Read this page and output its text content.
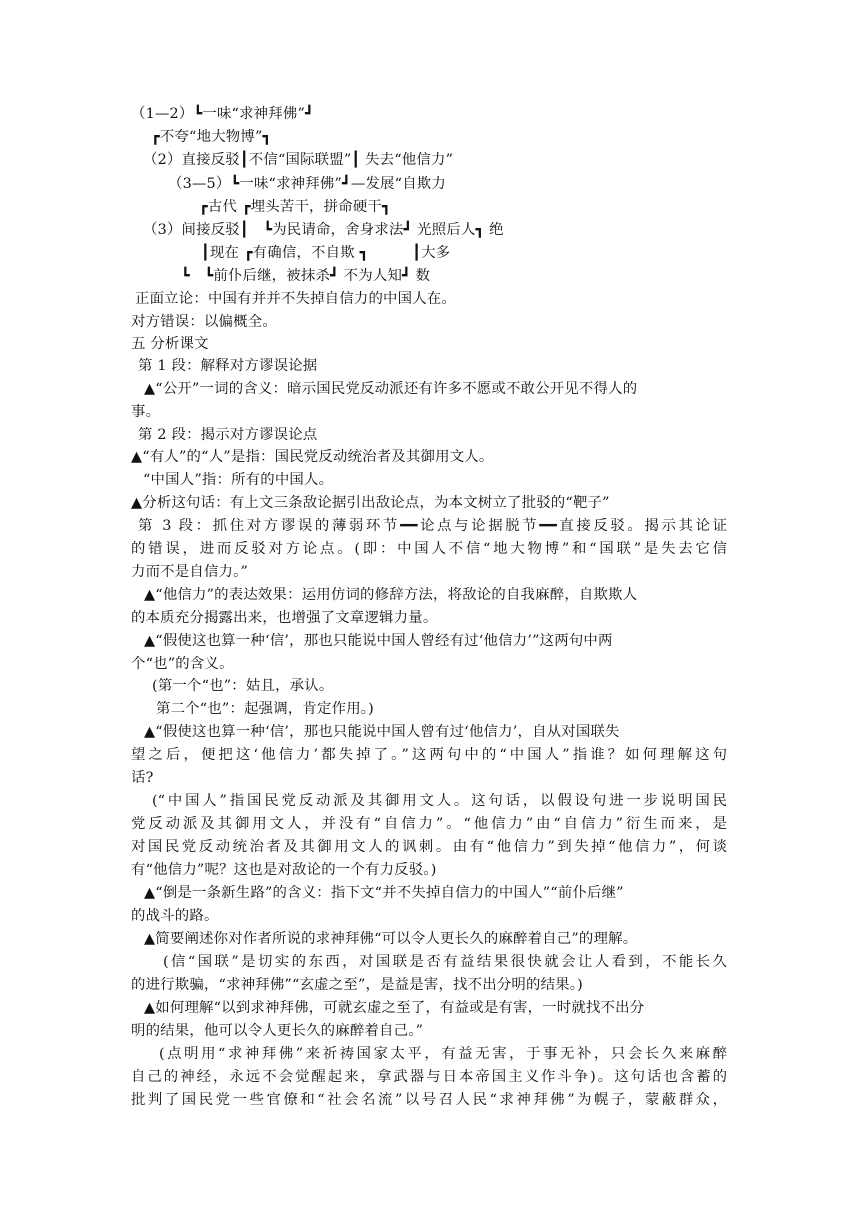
（1—2）┗一味“求神拜佛”┛
┏不夸“地大物博”┓
（2）直接反驳┃不信“国际联盟”┃ 失去“他信力”
（3—5）┗一味“求神拜佛”┛—发展“自欺力
┏古代 ┏埋头苦干，拼命硬干┓
（3）间接反驳┃　┗为民请命，舍身求法┛ 光照后人┓ 绝
┃现在 ┏有确信，不自欺 ┓　　　┃大多
┗　┗前仆后继，被抹杀┛ 不为人知┛ 数
正面立论：中国有并并不失掉自信力的中国人在。
对方错误：以偏概全。
五 分析课文
第 1 段：解释对方谬误论据
▲“公开”一词的含义：暗示国民党反动派还有许多不愿或不敢公开见不得人的
事。
第 2 段：揭示对方谬误论点
▲“有人”的“人”是指：国民党反动统治者及其御用文人。
“中国人”指：所有的中国人。
▲分析这句话：有上文三条敌论据引出敌论点，为本文树立了批驳的“靶子”
第 3 段：抓住对方谬误的薄弱环节━━论点与论据脱节━━直接反驳。揭示其论证
的错误，进而反驳对方论点。(即：中国人不信“地大物博”和“国联”是失去它信
力而不是自信力。”
▲“他信力”的表达效果：运用仿词的修辞方法，将敌论的自我麻醉，自欺欺人
的本质充分揭露出来，也增强了文章逻辑力量。
▲“假使这也算一种‘信’，那也只能说中国人曾经有过‘他信力’”这两句中两
个“也”的含义。
(第一个“也”：姑且，承认。
第二个“也”：起强调，肯定作用。)
▲“假使这也算一种‘信’，那也只能说中国人曾有过‘他信力’，自从对国联失
望之后，便把这‘他信力’都失掉了。”这两句中的“中国人”指谁？如何理解这句
话?
(“中国人”指国民党反动派及其御用文人。这句话，以假设句进一步说明国民
党反动派及其御用文人，并没有“自信力”。“他信力”由“自信力”衍生而来，是
对国民党反动统治者及其御用文人的讽刺。由有“他信力”到失掉“他信力”，何谈
有“他信力”呢？这也是对敌论的一个有力反驳。)
▲“倒是一条新生路”的含义：指下文“并不失掉自信力的中国人”“前仆后继”
的战斗的路。
▲简要阐述你对作者所说的求神拜佛“可以令人更长久的麻醉着自己”的理解。
(信“国联”是切实的东西，对国联是否有益结果很快就会让人看到，不能长久
的进行欺骗，“求神拜佛”“玄虚之至”，是益是害，找不出分明的结果。)
▲如何理解“以到求神拜佛，可就玄虚之至了，有益或是有害，一时就找不出分
明的结果，他可以令人更长久的麻醉着自己。”
(点明用“求神拜佛”来祈祷国家太平，有益无害，于事无补，只会长久来麻醉
自己的神经，永远不会觉醒起来，拿武器与日本帝国主义作斗争)。这句话也含蓄的
批判了国民党一些官僚和“社会名流”以号召人民“求神拜佛”为幌子，蒙蔽群众，
